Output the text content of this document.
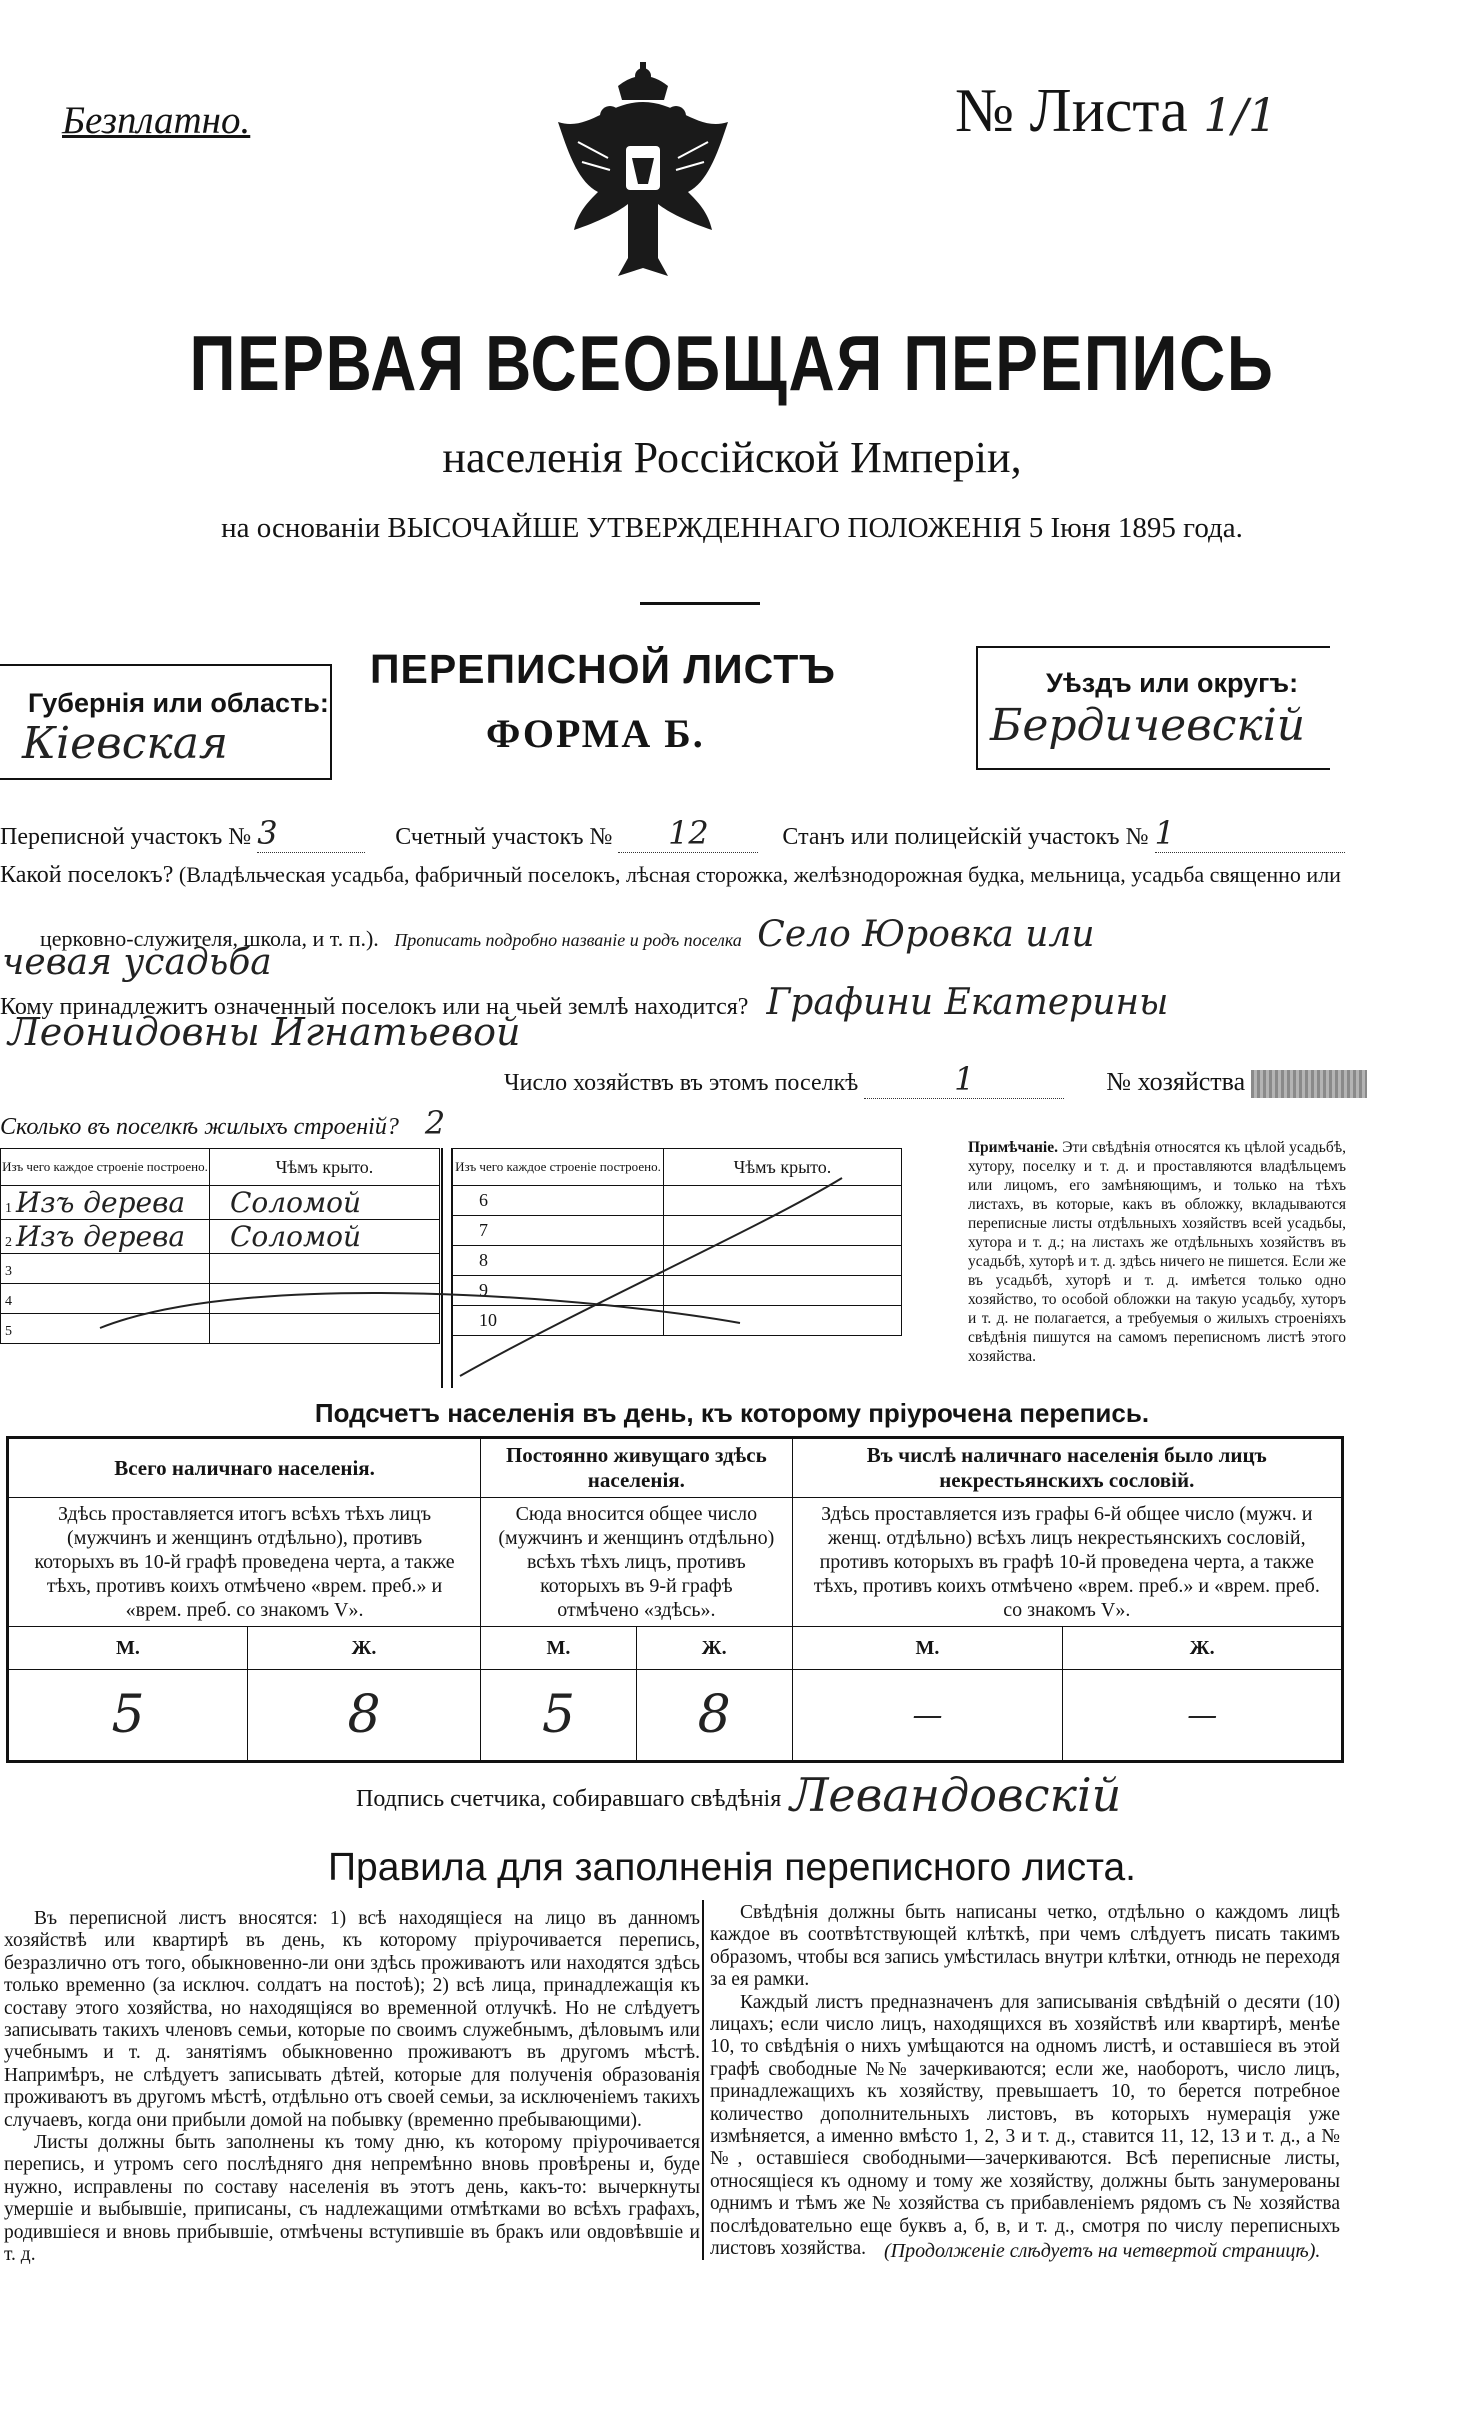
Безплатно.	№ Листа 1/1
ПЕРВАЯ ВСЕОБЩАЯ ПЕРЕПИСЬ
населенія Россійской Имперіи,
на основаніи ВЫСОЧАЙШЕ УТВЕРЖДЕННАГО ПОЛОЖЕНІЯ 5 Іюня 1895 года.
Губернія или область:
Кіевская
ПЕРЕПИСНОЙ ЛИСТЪ
ФОРМА Б.
Уѣздъ или округъ:
Бердичевскій
Переписной участокъ № 3	Счетный участокъ № 12	Станъ или полицейскій участокъ № 1
Какой поселокъ? (Владѣльческая усадьба, фабричный поселокъ, лѣсная сторожка, желѣзнодорожная будка, мельница, усадьба священно или
церковно-служителя, школа, и т. п.). Прописать подробно названіе и родъ поселка Село Юровка или
чевая усадьба
Кому принадлежитъ означенный поселокъ или на чьей землѣ находится? Графини Екатерины
Леонидовны Игнатьевой
Число хозяйствъ въ этомъ поселкѣ	1	№ хозяйства
Сколько въ поселкѣ жилыхъ строеній? 2
Изъ чего каждое строеніе построено.	Чѣмъ крыто.
1 Изъ дерева	Соломой
2 Изъ дерева	Соломой
3	
4	
5	
Изъ чего каждое строеніе построено.	Чѣмъ крыто.
6	
7	
8	
9	
10	
Примѣчаніе. Эти свѣдѣнія относятся къ цѣлой усадьбѣ, хутору, поселку и т. д. и проставляются владѣльцемъ или лицомъ, его замѣняющимъ, и только на тѣхъ листахъ, въ которые, какъ въ обложку, вкладываются переписные листы отдѣльныхъ хозяйствъ всей усадьбы, хутора и т. д.; на листахъ же отдѣльныхъ хозяйствъ въ усадьбѣ, хуторѣ и т. д. здѣсь ничего не пишется. Если же въ усадьбѣ, хуторѣ и т. д. имѣется только одно хозяйство, то особой обложки на такую усадьбу, хуторъ и т. д. не полагается, а требуемыя о жилыхъ строеніяхъ свѣдѣнія пишутся на самомъ переписномъ листѣ этого хозяйства.
Подсчетъ населенія въ день, къ которому пріурочена перепись.
Всего наличнаго населенія.		Постоянно живущаго здѣсь населенія.		Въ числѣ наличнаго населенія было лицъ некрестьянскихъ сословій.	
Здѣсь проставляется итогъ всѣхъ тѣхъ лицъ (мужчинъ и женщинъ отдѣльно), противъ которыхъ въ 10-й графѣ проведена черта, а также тѣхъ, противъ коихъ отмѣчено «врем. преб.» и «врем. преб. со знакомъ V».		Сюда вносится общее число (мужчинъ и женщинъ отдѣльно) всѣхъ тѣхъ лицъ, противъ которыхъ въ 9-й графѣ отмѣчено «здѣсь».		Здѣсь проставляется изъ графы 6-й общее число (мужч. и женщ. отдѣльно) всѣхъ лицъ некрестьянскихъ сословій, противъ которыхъ въ графѣ 10-й проведена черта, а также тѣхъ, противъ коихъ отмѣчено «врем. преб.» и «врем. преб. со знакомъ V».	
М.	Ж.	М.	Ж.	М.	Ж.
5	8	5	8	—	—
Подпись счетчика, собиравшаго свѣдѣнія Левандовскій
Правила для заполненія переписного листа.

Въ переписной листъ вносятся: 1) всѣ находящіеся на лицо въ данномъ хозяйствѣ или квартирѣ въ день, къ которому пріурочивается перепись, безразлично отъ того, обыкновенно-ли они здѣсь проживаютъ или находятся здѣсь только временно (за исключ. солдатъ на постоѣ); 2) всѣ лица, принадлежащія къ составу этого хозяйства, но находящіяся во временной отлучкѣ. Но не слѣдуетъ записывать такихъ членовъ семьи, которые по своимъ служебнымъ, дѣловымъ или учебнымъ и т. д. занятіямъ обыкновенно проживаютъ въ другомъ мѣстѣ. Напримѣръ, не слѣдуетъ записывать дѣтей, которые для полученія образованія проживаютъ въ другомъ мѣстѣ, отдѣльно отъ своей семьи, за исключеніемъ такихъ случаевъ, когда они прибыли домой на побывку (временно пребывающими).

Листы должны быть заполнены къ тому дню, къ которому пріурочивается перепись, и утромъ сего послѣдняго дня непремѣнно вновь провѣрены и, буде нужно, исправлены по составу населенія въ этотъ день, какъ-то: вычеркнуты умершіе и выбывшіе, приписаны, съ надлежащими отмѣтками во всѣхъ графахъ, родившіеся и вновь прибывшіе, отмѣчены вступившіе въ бракъ или овдовѣвшіе и т. д.

Свѣдѣнія должны быть написаны четко, отдѣльно о каждомъ лицѣ каждое въ соотвѣтствующей клѣткѣ, при чемъ слѣдуетъ писать такимъ образомъ, чтобы вся запись умѣстилась внутри клѣтки, отнюдь не переходя за ея рамки.

Каждый листъ предназначенъ для записыванія свѣдѣній о десяти (10) лицахъ; если число лицъ, находящихся въ хозяйствѣ или квартирѣ, менѣе 10, то свѣдѣнія о нихъ умѣщаются на одномъ листѣ, и оставшіеся въ этой графѣ свободные №№ зачеркиваются; если же, наоборотъ, число лицъ, принадлежащихъ къ хозяйству, превышаетъ 10, то берется потребное количество дополнительныхъ листовъ, въ которыхъ нумерація уже измѣняется, а именно вмѣсто 1, 2, 3 и т. д., ставится 11, 12, 13 и т. д., а №№, оставшіеся свободными—зачеркиваются. Всѣ переписные листы, относящіеся къ одному и тому же хозяйству, должны быть занумерованы однимъ и тѣмъ же № хозяйства съ прибавленіемъ рядомъ съ № хозяйства послѣдовательно еще буквъ а, б, в, и т. д., смотря по числу переписныхъ листовъ хозяйства. (Продолженіе слѣдуетъ на четвертой страницѣ).
